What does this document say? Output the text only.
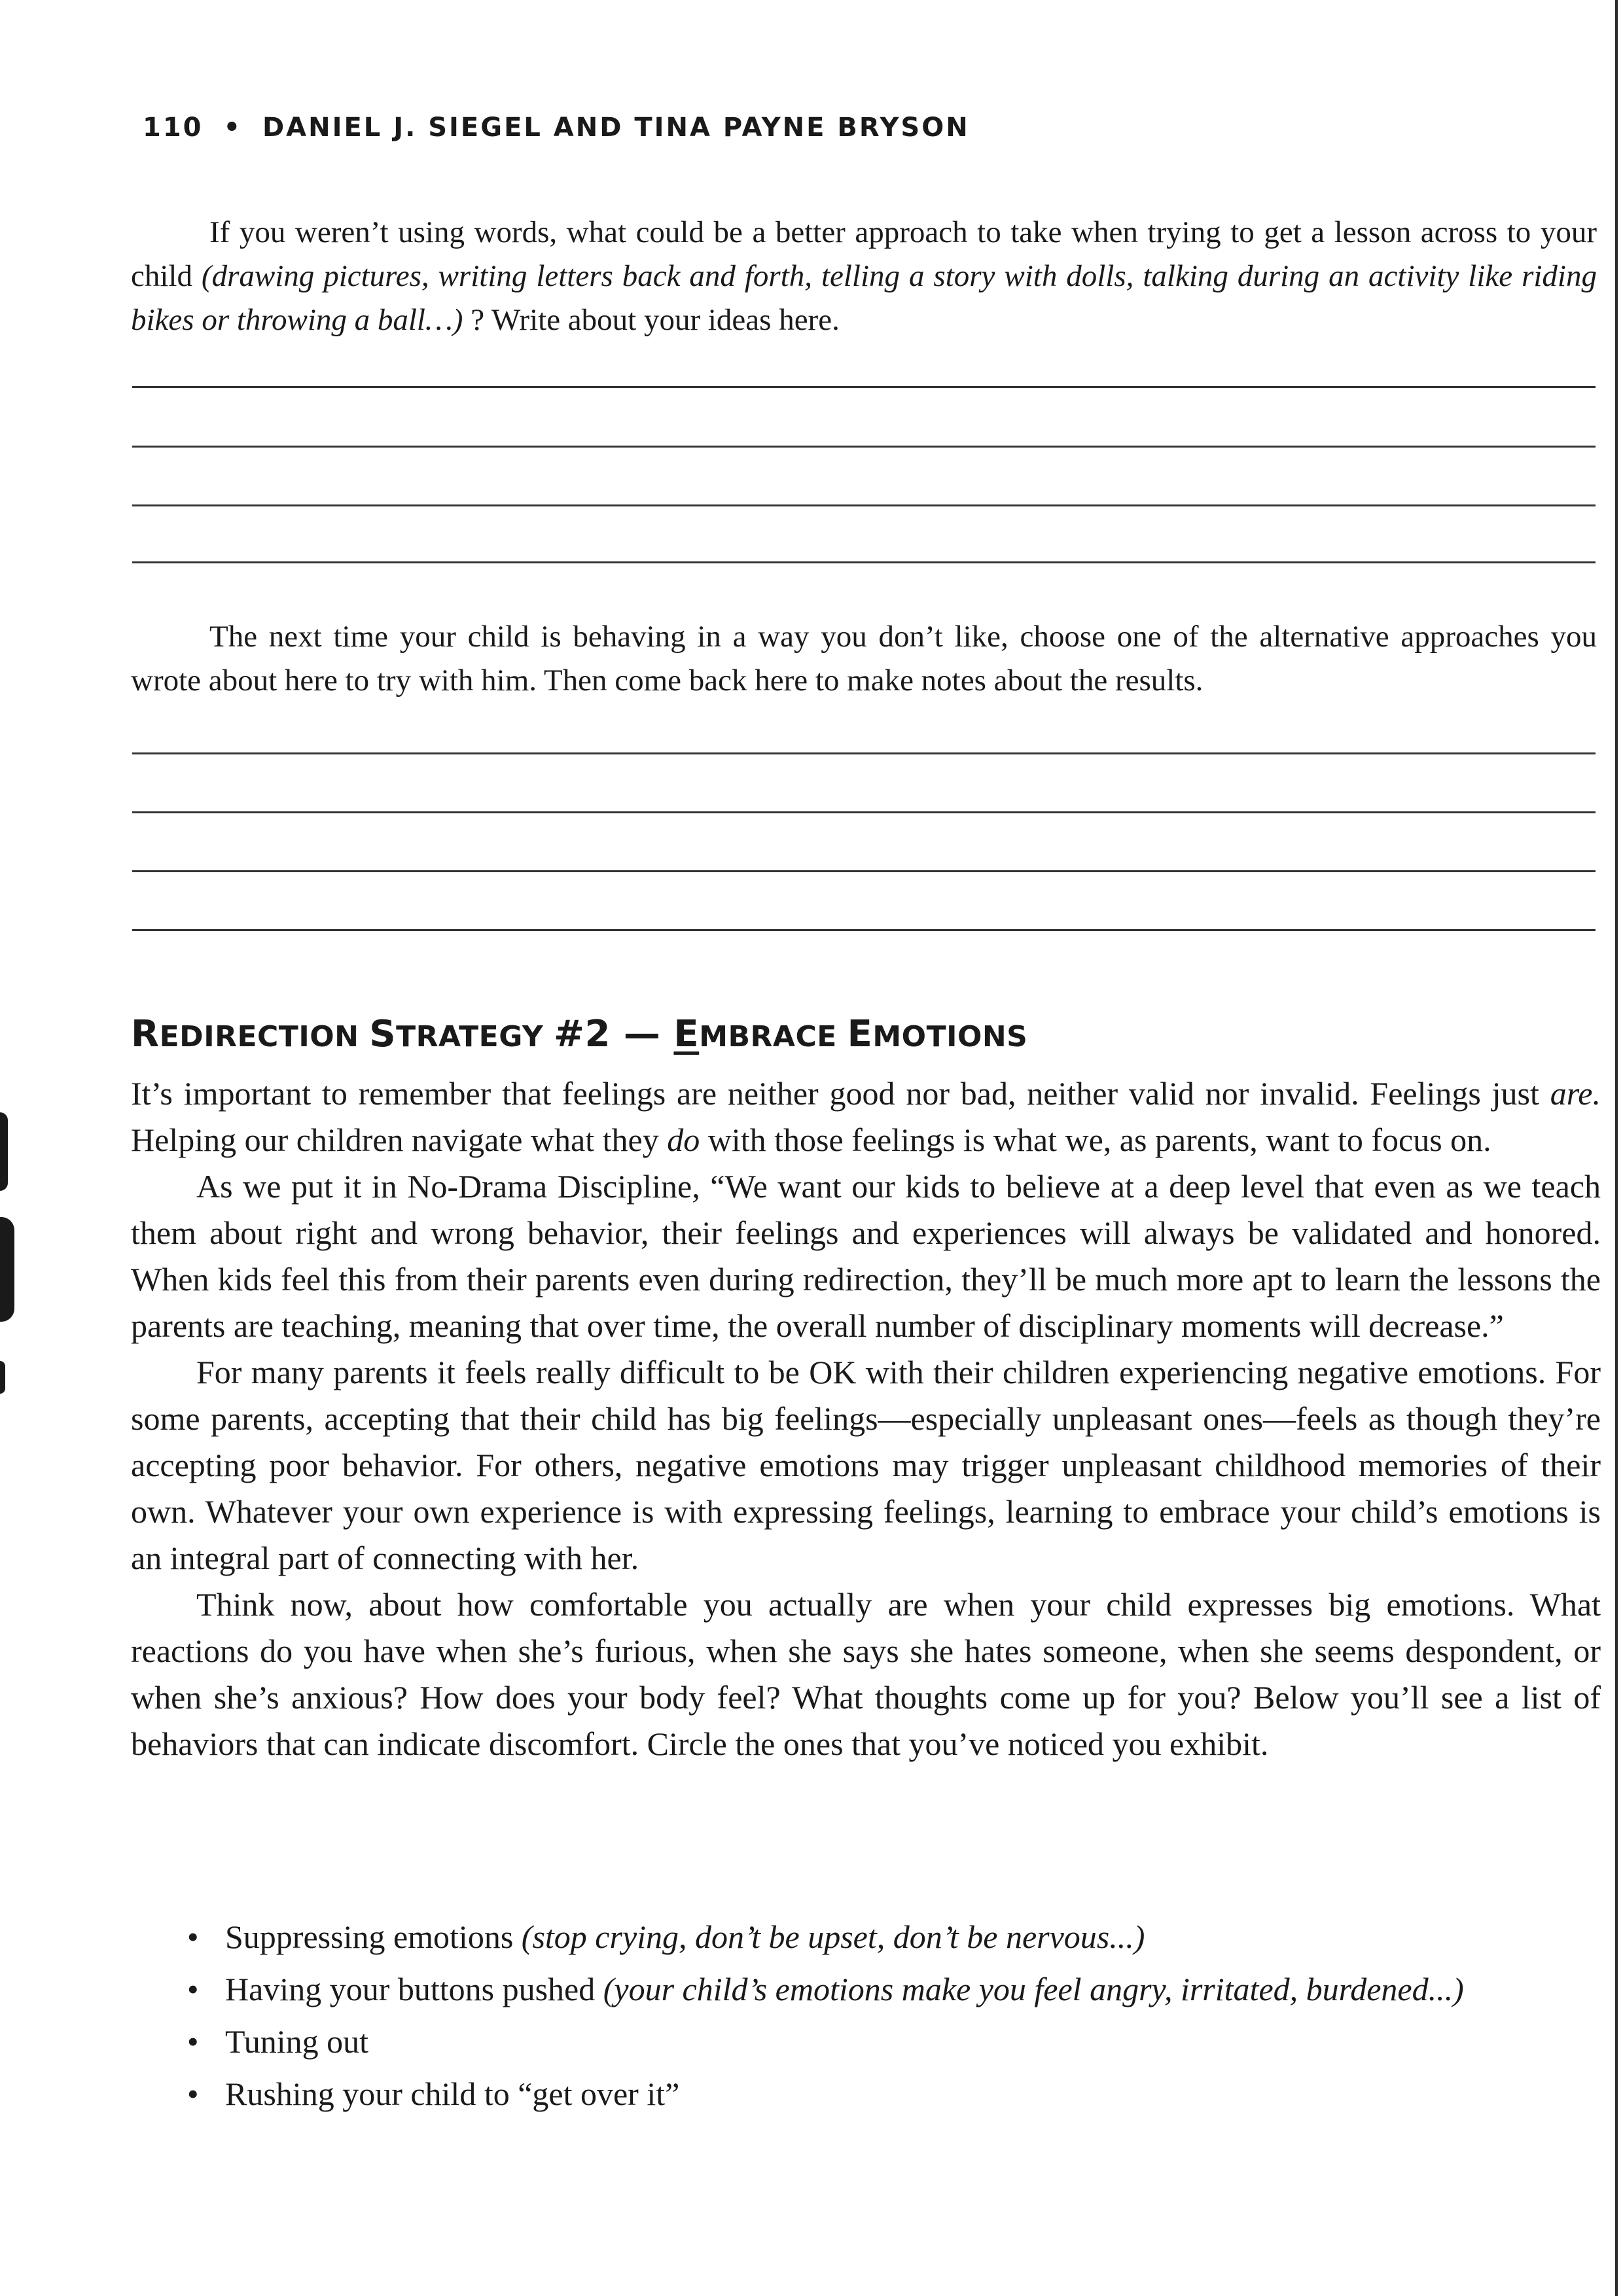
110 • DANIEL J. SIEGEL AND TINA PAYNE BRYSON

If you weren’t using words, what could be a better approach to take when trying to get a lesson across to your child (drawing pictures, writing letters back and forth, telling a story with dolls, talking during an activity like riding bikes or throwing a ball…) ? Write about your ideas here.

The next time your child is behaving in a way you don’t like, choose one of the alternative approaches you wrote about here to try with him. Then come back here to make notes about the results.

REDIRECTION STRATEGY #2 — EMBRACE EMOTIONS

It’s important to remember that feelings are neither good nor bad, neither valid nor invalid. Feelings just are. Helping our children navigate what they do with those feelings is what we, as parents, want to focus on.

As we put it in No-Drama Discipline, “We want our kids to believe at a deep level that even as we teach them about right and wrong behavior, their feelings and experiences will always be validated and honored. When kids feel this from their parents even during redirection, they’ll be much more apt to learn the lessons the parents are teaching, meaning that over time, the overall number of disciplinary moments will decrease.”

For many parents it feels really difficult to be OK with their children experiencing negative emotions. For some parents, accepting that their child has big feelings—especially unpleasant ones—feels as though they’re accepting poor behavior. For others, negative emotions may trigger unpleasant childhood memories of their own. Whatever your own experience is with expressing feelings, learning to embrace your child’s emotions is an integral part of connecting with her.

Think now, about how comfortable you actually are when your child expresses big emotions. What reactions do you have when she’s furious, when she says she hates someone, when she seems despondent, or when she’s anxious? How does your body feel? What thoughts come up for you? Below you’ll see a list of behaviors that can indicate discomfort. Circle the ones that you’ve noticed you exhibit.

• Suppressing emotions (stop crying, don’t be upset, don’t be nervous...)
• Having your buttons pushed (your child’s emotions make you feel angry, irritated, burdened...)
• Tuning out
• Rushing your child to “get over it”
